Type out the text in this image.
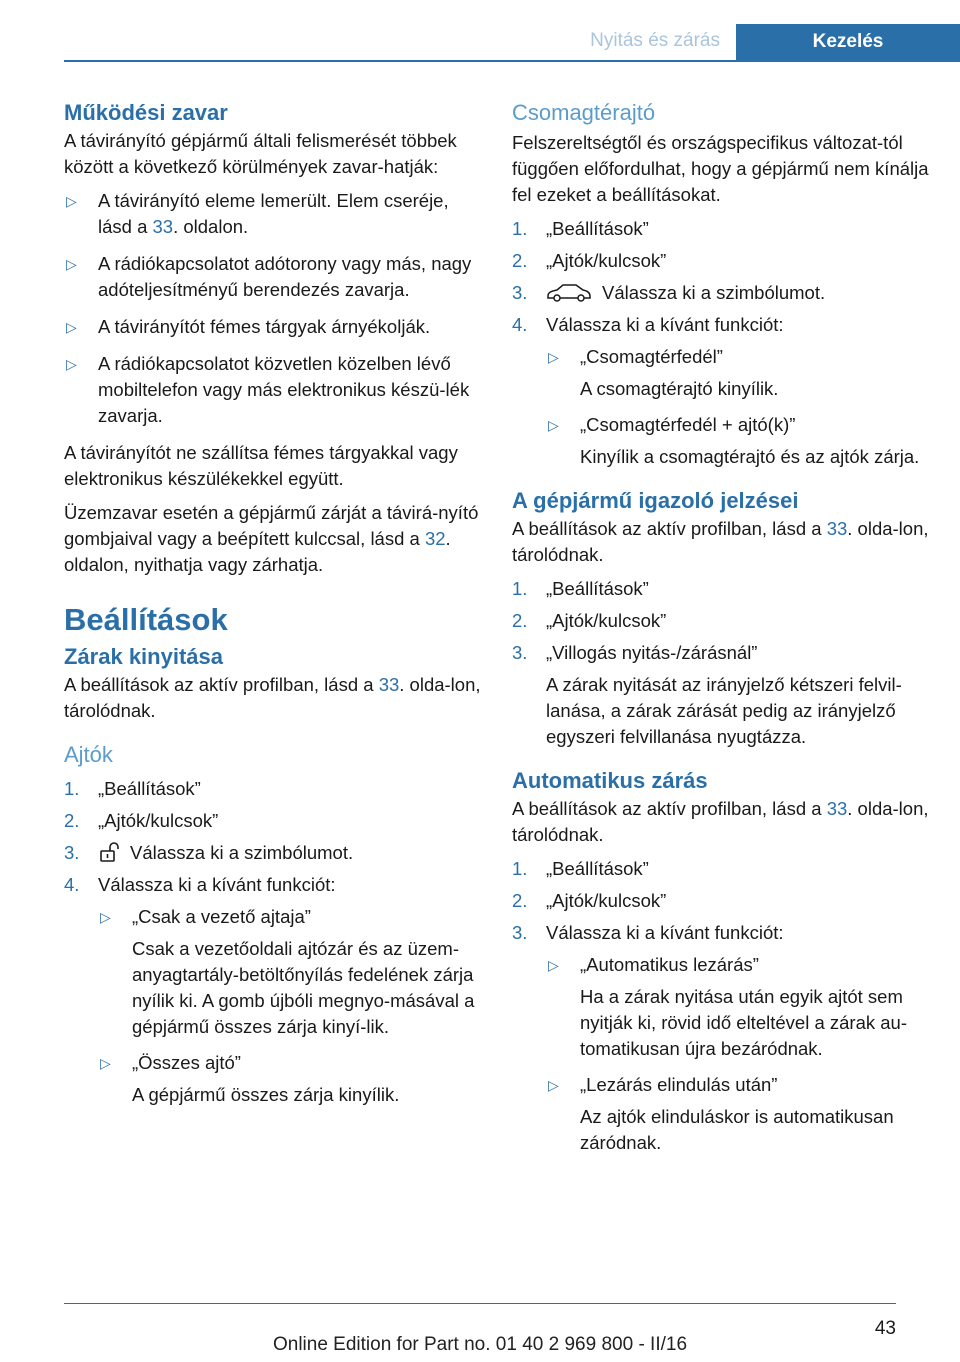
Nyitás és zárás	Kezelés
Működési zavar

A távirányító gépjármű általi felismerését többek között a következő körülmények zavar-hatják:

▷ A távirányító eleme lemerült. Elem cseréje, lásd a 33. oldalon.
▷ A rádiókapcsolatot adótorony vagy más, nagy adóteljesítményű berendezés zavarja.
▷ A távirányítót fémes tárgyak árnyékolják.
▷ A rádiókapcsolatot közvetlen közelben lévő mobiltelefon vagy más elektronikus készü-lék zavarja.

A távirányítót ne szállítsa fémes tárgyakkal vagy elektronikus készülékekkel együtt.

Üzemzavar esetén a gépjármű zárját a távirá-nyító gombjaival vagy a beépített kulccsal, lásd a 32. oldalon, nyithatja vagy zárhatja.

Beállítások
Zárak kinyitása

A beállítások az aktív profilban, lásd a 33. olda-lon, tárolódnak.

Ajtók
1. „Beállítások”
2. „Ajtók/kulcsok”
3.	Válassza ki a szimbólumot.
4. Válassza ki a kívánt funkciót:
▷ „Csak a vezető ajtaja”
Csak a vezetőoldali ajtózár és az üzem-anyagtartály-betöltőnyílás fedelének zárja nyílik ki. A gomb újbóli megnyo-másával a gépjármű összes zárja kinyí-lik.
▷ „Összes ajtó”
A gépjármű összes zárja kinyílik.
Csomagtérajtó

Felszereltségtől és országspecifikus változat-tól függően előfordulhat, hogy a gépjármű nem kínálja fel ezeket a beállításokat.

1. „Beállítások”
2. „Ajtók/kulcsok”
3.	Válassza ki a szimbólumot.
4. Válassza ki a kívánt funkciót:
▷ „Csomagtérfedél”
A csomagtérajtó kinyílik.
▷ „Csomagtérfedél + ajtó(k)”
Kinyílik a csomagtérajtó és az ajtók zárja.
A gépjármű igazoló jelzései

A beállítások az aktív profilban, lásd a 33. olda-lon, tárolódnak.

1. „Beállítások”
2. „Ajtók/kulcsok”
3. „Villogás nyitás-/zárásnál”
A zárak nyitását az irányjelző kétszeri felvil-lanása, a zárak zárását pedig az irányjelző egyszeri felvillanása nyugtázza.
Automatikus zárás

A beállítások az aktív profilban, lásd a 33. olda-lon, tárolódnak.

1. „Beállítások”
2. „Ajtók/kulcsok”
3. Válassza ki a kívánt funkciót:
▷ „Automatikus lezárás”
Ha a zárak nyitása után egyik ajtót sem nyitják ki, rövid idő elteltével a zárak au-tomatikusan újra bezáródnak.
▷ „Lezárás elindulás után”
Az ajtók elinduláskor is automatikusan záródnak.
43
Online Edition for Part no. 01 40 2 969 800 - II/16
